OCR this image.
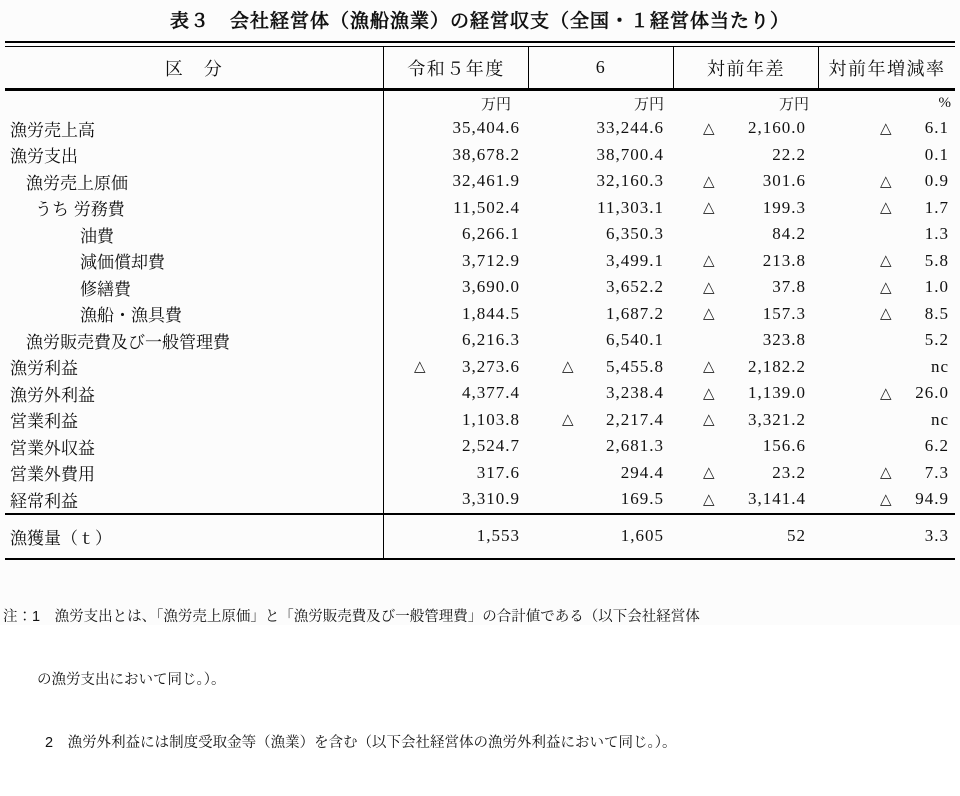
表３　会社経営体（漁船漁業）の経営収支（全国・１経営体当たり）
区　分	令和５年度	6	対前年差	対前年増減率
万円	万円	万円	%
漁労売上高	35,404.6	33,244.6	△	2,160.0	△	6.1
漁労支出	38,678.2	38,700.4	22.2	0.1
漁労売上原価	32,461.9	32,160.3	△	301.6	△	0.9
うち 労務費	11,502.4	11,303.1	△	199.3	△	1.7
油費	6,266.1	6,350.3	84.2	1.3
減価償却費	3,712.9	3,499.1	△	213.8	△	5.8
修繕費	3,690.0	3,652.2	△	37.8	△	1.0
漁船・漁具費	1,844.5	1,687.2	△	157.3	△	8.5
漁労販売費及び一般管理費	6,216.3	6,540.1	323.8	5.2
漁労利益	△	3,273.6	△	5,455.8	△	2,182.2	nc
漁労外利益	4,377.4	3,238.4	△	1,139.0	△	26.0
営業利益	1,103.8	△	2,217.4	△	3,321.2	nc
営業外収益	2,524.7	2,681.3	156.6	6.2
営業外費用	317.6	294.4	△	23.2	△	7.3
経常利益	3,310.9	169.5	△	3,141.4	△	94.9
漁獲量（ｔ）	1,553	1,605	52	3.3

注：1　漁労支出とは、「漁労売上原価」と「漁労販売費及び一般管理費」の合計値である（以下会社経営体

の漁労支出において同じ。）。

2　漁労外利益には制度受取金等（漁業）を含む（以下会社経営体の漁労外利益において同じ。）。
